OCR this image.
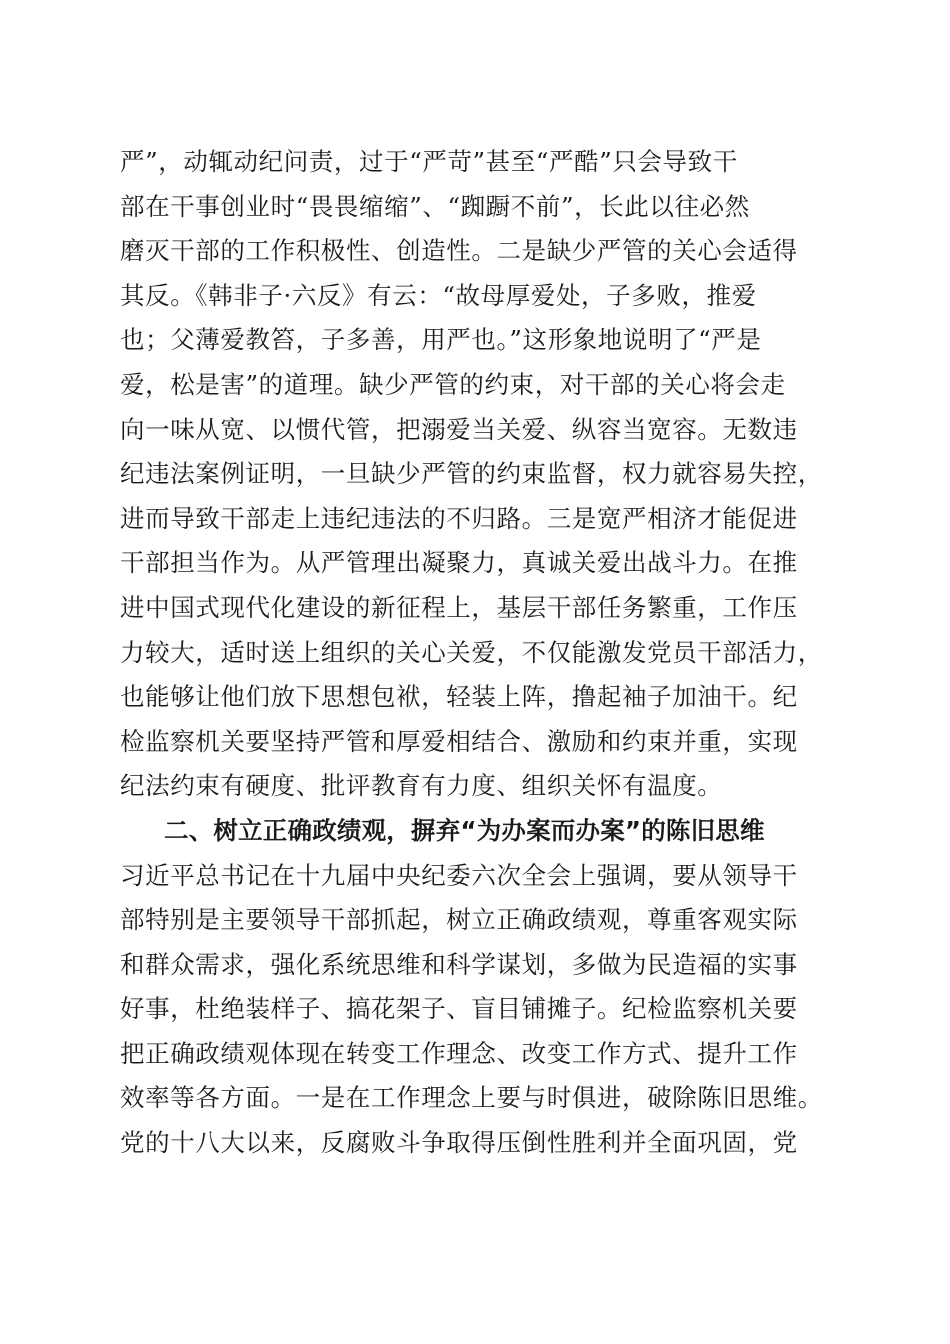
严”，动辄动纪问责，过于“严苛”甚至“严酷”只会导致干
部在干事创业时“畏畏缩缩”、“踟蹰不前”，长此以往必然
磨灭干部的工作积极性、创造性。二是缺少严管的关心会适得
其反。《韩非子·六反》有云：“故母厚爱处，子多败，推爱
也；父薄爱教笞，子多善，用严也。”这形象地说明了“严是
爱，松是害”的道理。缺少严管的约束，对干部的关心将会走
向一味从宽、以惯代管，把溺爱当关爱、纵容当宽容。无数违
纪违法案例证明，一旦缺少严管的约束监督，权力就容易失控，
进而导致干部走上违纪违法的不归路。三是宽严相济才能促进
干部担当作为。从严管理出凝聚力，真诚关爱出战斗力。在推
进中国式现代化建设的新征程上，基层干部任务繁重，工作压
力较大，适时送上组织的关心关爱，不仅能激发党员干部活力，
也能够让他们放下思想包袱，轻装上阵，撸起袖子加油干。纪
检监察机关要坚持严管和厚爱相结合、激励和约束并重，实现
纪法约束有硬度、批评教育有力度、组织关怀有温度。
二、树立正确政绩观，摒弃“为办案而办案”的陈旧思维
习近平总书记在十九届中央纪委六次全会上强调，要从领导干
部特别是主要领导干部抓起，树立正确政绩观，尊重客观实际
和群众需求，强化系统思维和科学谋划，多做为民造福的实事
好事，杜绝装样子、搞花架子、盲目铺摊子。纪检监察机关要
把正确政绩观体现在转变工作理念、改变工作方式、提升工作
效率等各方面。一是在工作理念上要与时俱进，破除陈旧思维。
党的十八大以来，反腐败斗争取得压倒性胜利并全面巩固，党
